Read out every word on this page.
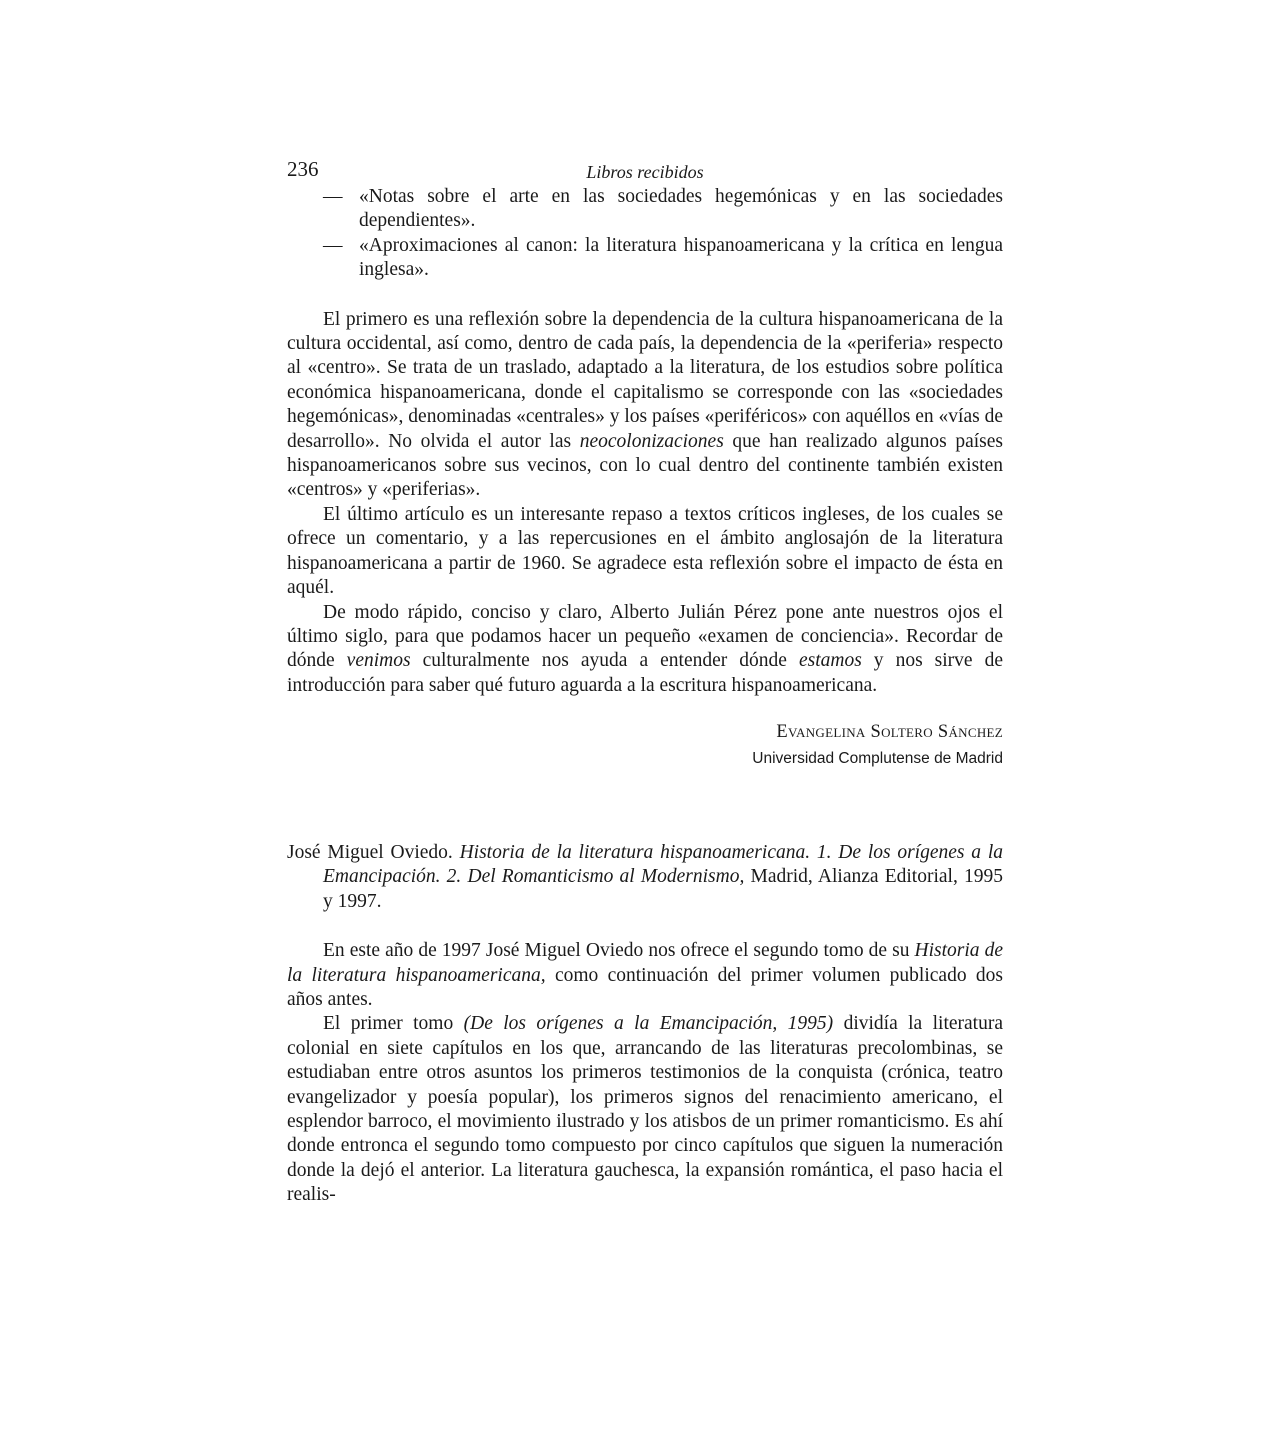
236	Libros recibidos

— «Notas sobre el arte en las sociedades hegemónicas y en las sociedades dependientes».

— «Aproximaciones al canon: la literatura hispanoamericana y la crítica en lengua inglesa».

El primero es una reflexión sobre la dependencia de la cultura hispanoamericana de la cultura occidental, así como, dentro de cada país, la dependencia de la «periferia» respecto al «centro». Se trata de un traslado, adaptado a la literatura, de los estudios sobre política económica hispanoamericana, donde el capitalismo se corresponde con las «sociedades hegemónicas», denominadas «centrales» y los países «periféricos» con aquéllos en «vías de desarrollo». No olvida el autor las neocolonizaciones que han realizado algunos países hispanoamericanos sobre sus vecinos, con lo cual dentro del continente también existen «centros» y «periferias».

El último artículo es un interesante repaso a textos críticos ingleses, de los cuales se ofrece un comentario, y a las repercusiones en el ámbito anglosajón de la literatura hispanoamericana a partir de 1960. Se agradece esta reflexión sobre el impacto de ésta en aquél.

De modo rápido, conciso y claro, Alberto Julián Pérez pone ante nuestros ojos el último siglo, para que podamos hacer un pequeño «examen de conciencia». Recordar de dónde venimos culturalmente nos ayuda a entender dónde estamos y nos sirve de introducción para saber qué futuro aguarda a la escritura hispanoamericana.

Evangelina Soltero Sánchez
Universidad Complutense de Madrid

José Miguel Oviedo. Historia de la literatura hispanoamericana. 1. De los orígenes a la Emancipación. 2. Del Romanticismo al Modernismo, Madrid, Alianza Editorial, 1995 y 1997.

En este año de 1997 José Miguel Oviedo nos ofrece el segundo tomo de su Historia de la literatura hispanoamericana, como continuación del primer volumen publicado dos años antes.

El primer tomo (De los orígenes a la Emancipación, 1995) dividía la literatura colonial en siete capítulos en los que, arrancando de las literaturas precolombinas, se estudiaban entre otros asuntos los primeros testimonios de la conquista (crónica, teatro evangelizador y poesía popular), los primeros signos del renacimiento americano, el esplendor barroco, el movimiento ilustrado y los atisbos de un primer romanticismo. Es ahí donde entronca el segundo tomo compuesto por cinco capítulos que siguen la numeración donde la dejó el anterior. La literatura gauchesca, la expansión romántica, el paso hacia el realis-
